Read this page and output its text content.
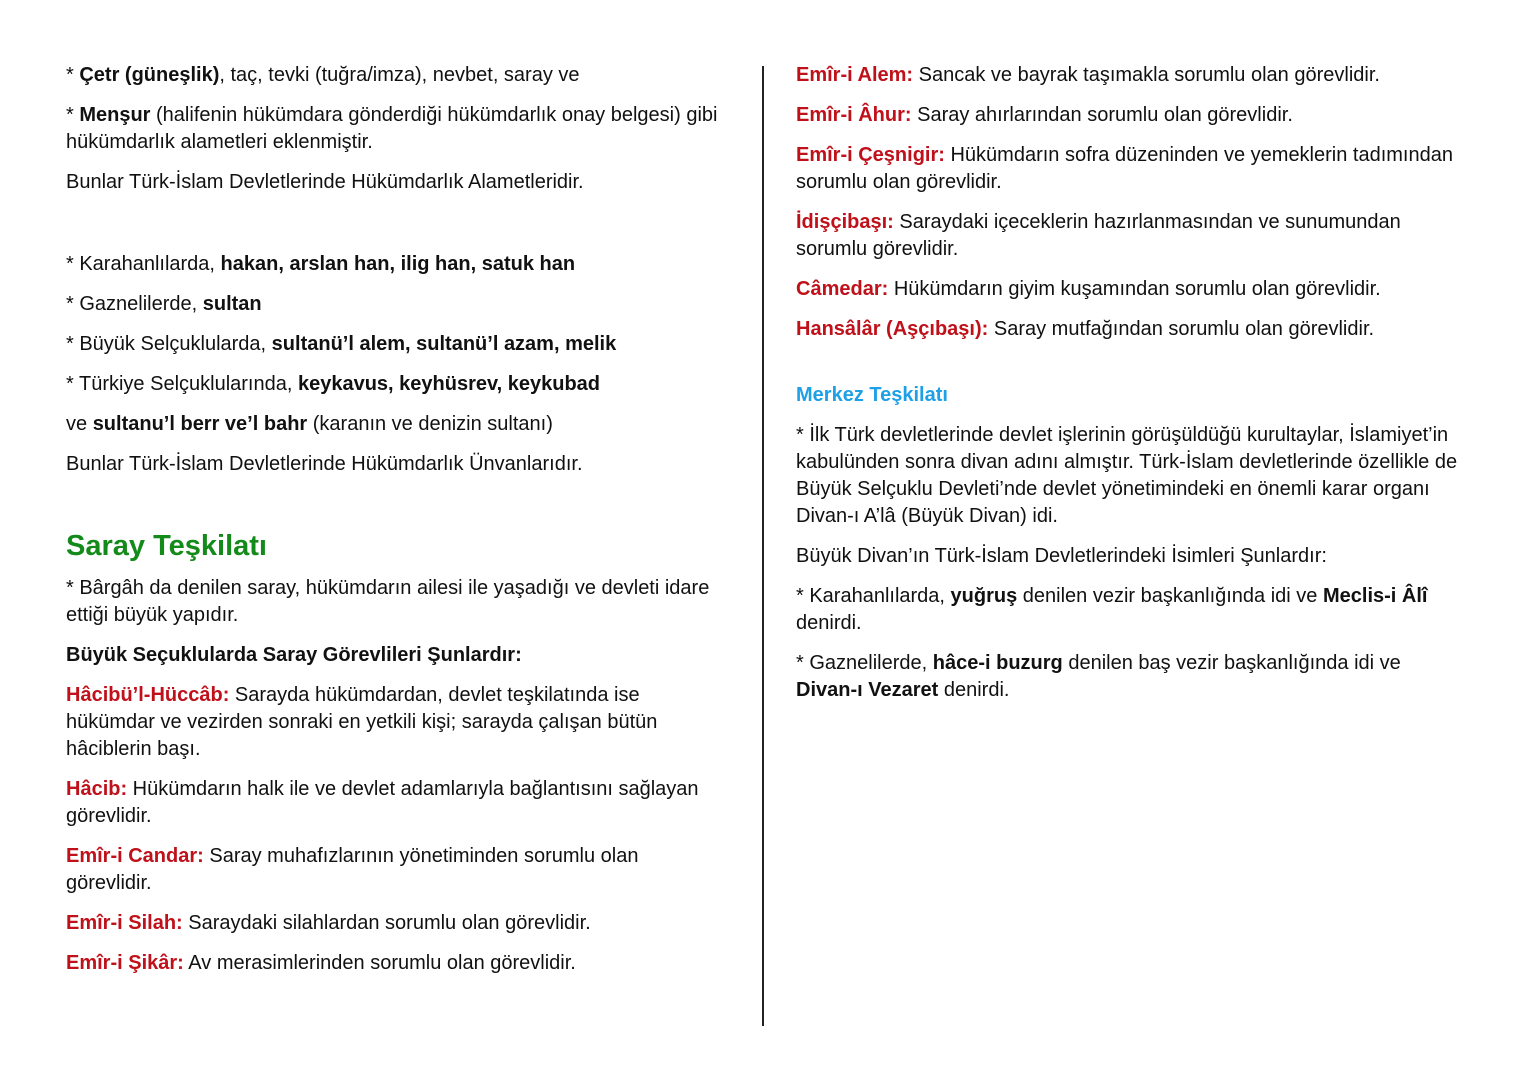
* Çetr (güneşlik), taç, tevki (tuğra/imza), nevbet, saray ve

* Menşur (halifenin hükümdara gönderdiği hükümdarlık onay belgesi) gibi hükümdarlık alametleri eklenmiştir.

Bunlar Türk-İslam Devletlerinde Hükümdarlık Alametleridir.

* Karahanlılarda, hakan, arslan han, ilig han, satuk han

* Gaznelilerde, sultan

* Büyük Selçuklularda, sultanü’l alem, sultanü’l azam, melik

* Türkiye Selçuklularında, keykavus, keyhüsrev, keykubad

ve sultanu’l berr ve’l bahr (karanın ve denizin sultanı)

Bunlar Türk-İslam Devletlerinde Hükümdarlık Ünvanlarıdır.

Saray Teşkilatı

* Bârgâh da denilen saray, hükümdarın ailesi ile yaşadığı ve devleti idare ettiği büyük yapıdır.

Büyük Seçuklularda Saray Görevlileri Şunlardır:

Hâcibü’l-Hüccâb: Sarayda hükümdardan, devlet teşkilatında ise hükümdar ve vezirden sonraki en yetkili kişi; sarayda çalışan bütün hâciblerin başı.

Hâcib: Hükümdarın halk ile ve devlet adamlarıyla bağlantısını sağlayan görevlidir.

Emîr-i Candar: Saray muhafızlarının yönetiminden sorumlu olan görevlidir.

Emîr-i Silah: Saraydaki silahlardan sorumlu olan görevlidir.

Emîr-i Şikâr: Av merasimlerinden sorumlu olan görevlidir.

Emîr-i Alem: Sancak ve bayrak taşımakla sorumlu olan görevlidir.

Emîr-i Âhur: Saray ahırlarından sorumlu olan görevlidir.

Emîr-i Çeşnigir: Hükümdarın sofra düzeninden ve yemeklerin tadımından sorumlu olan görevlidir.

İdişçibaşı: Saraydaki içeceklerin hazırlanmasından ve sunumundan sorumlu görevlidir.

Câmedar: Hükümdarın giyim kuşamından sorumlu olan görevlidir.

Hansâlâr (Aşçıbaşı): Saray mutfağından sorumlu olan görevlidir.

Merkez Teşkilatı

* İlk Türk devletlerinde devlet işlerinin görüşüldüğü kurultaylar, İslamiyet’in kabulünden sonra divan adını almıştır. Türk-İslam devletlerinde özellikle de Büyük Selçuklu Devleti’nde devlet yönetimindeki en önemli karar organı Divan-ı A’lâ (Büyük Divan) idi.

Büyük Divan’ın Türk-İslam Devletlerindeki İsimleri Şunlardır:

* Karahanlılarda, yuğruş denilen vezir başkanlığında idi ve Meclis-i Âlî denirdi.

* Gaznelilerde, hâce-i buzurg denilen baş vezir başkanlığında idi ve Divan-ı Vezaret denirdi.
